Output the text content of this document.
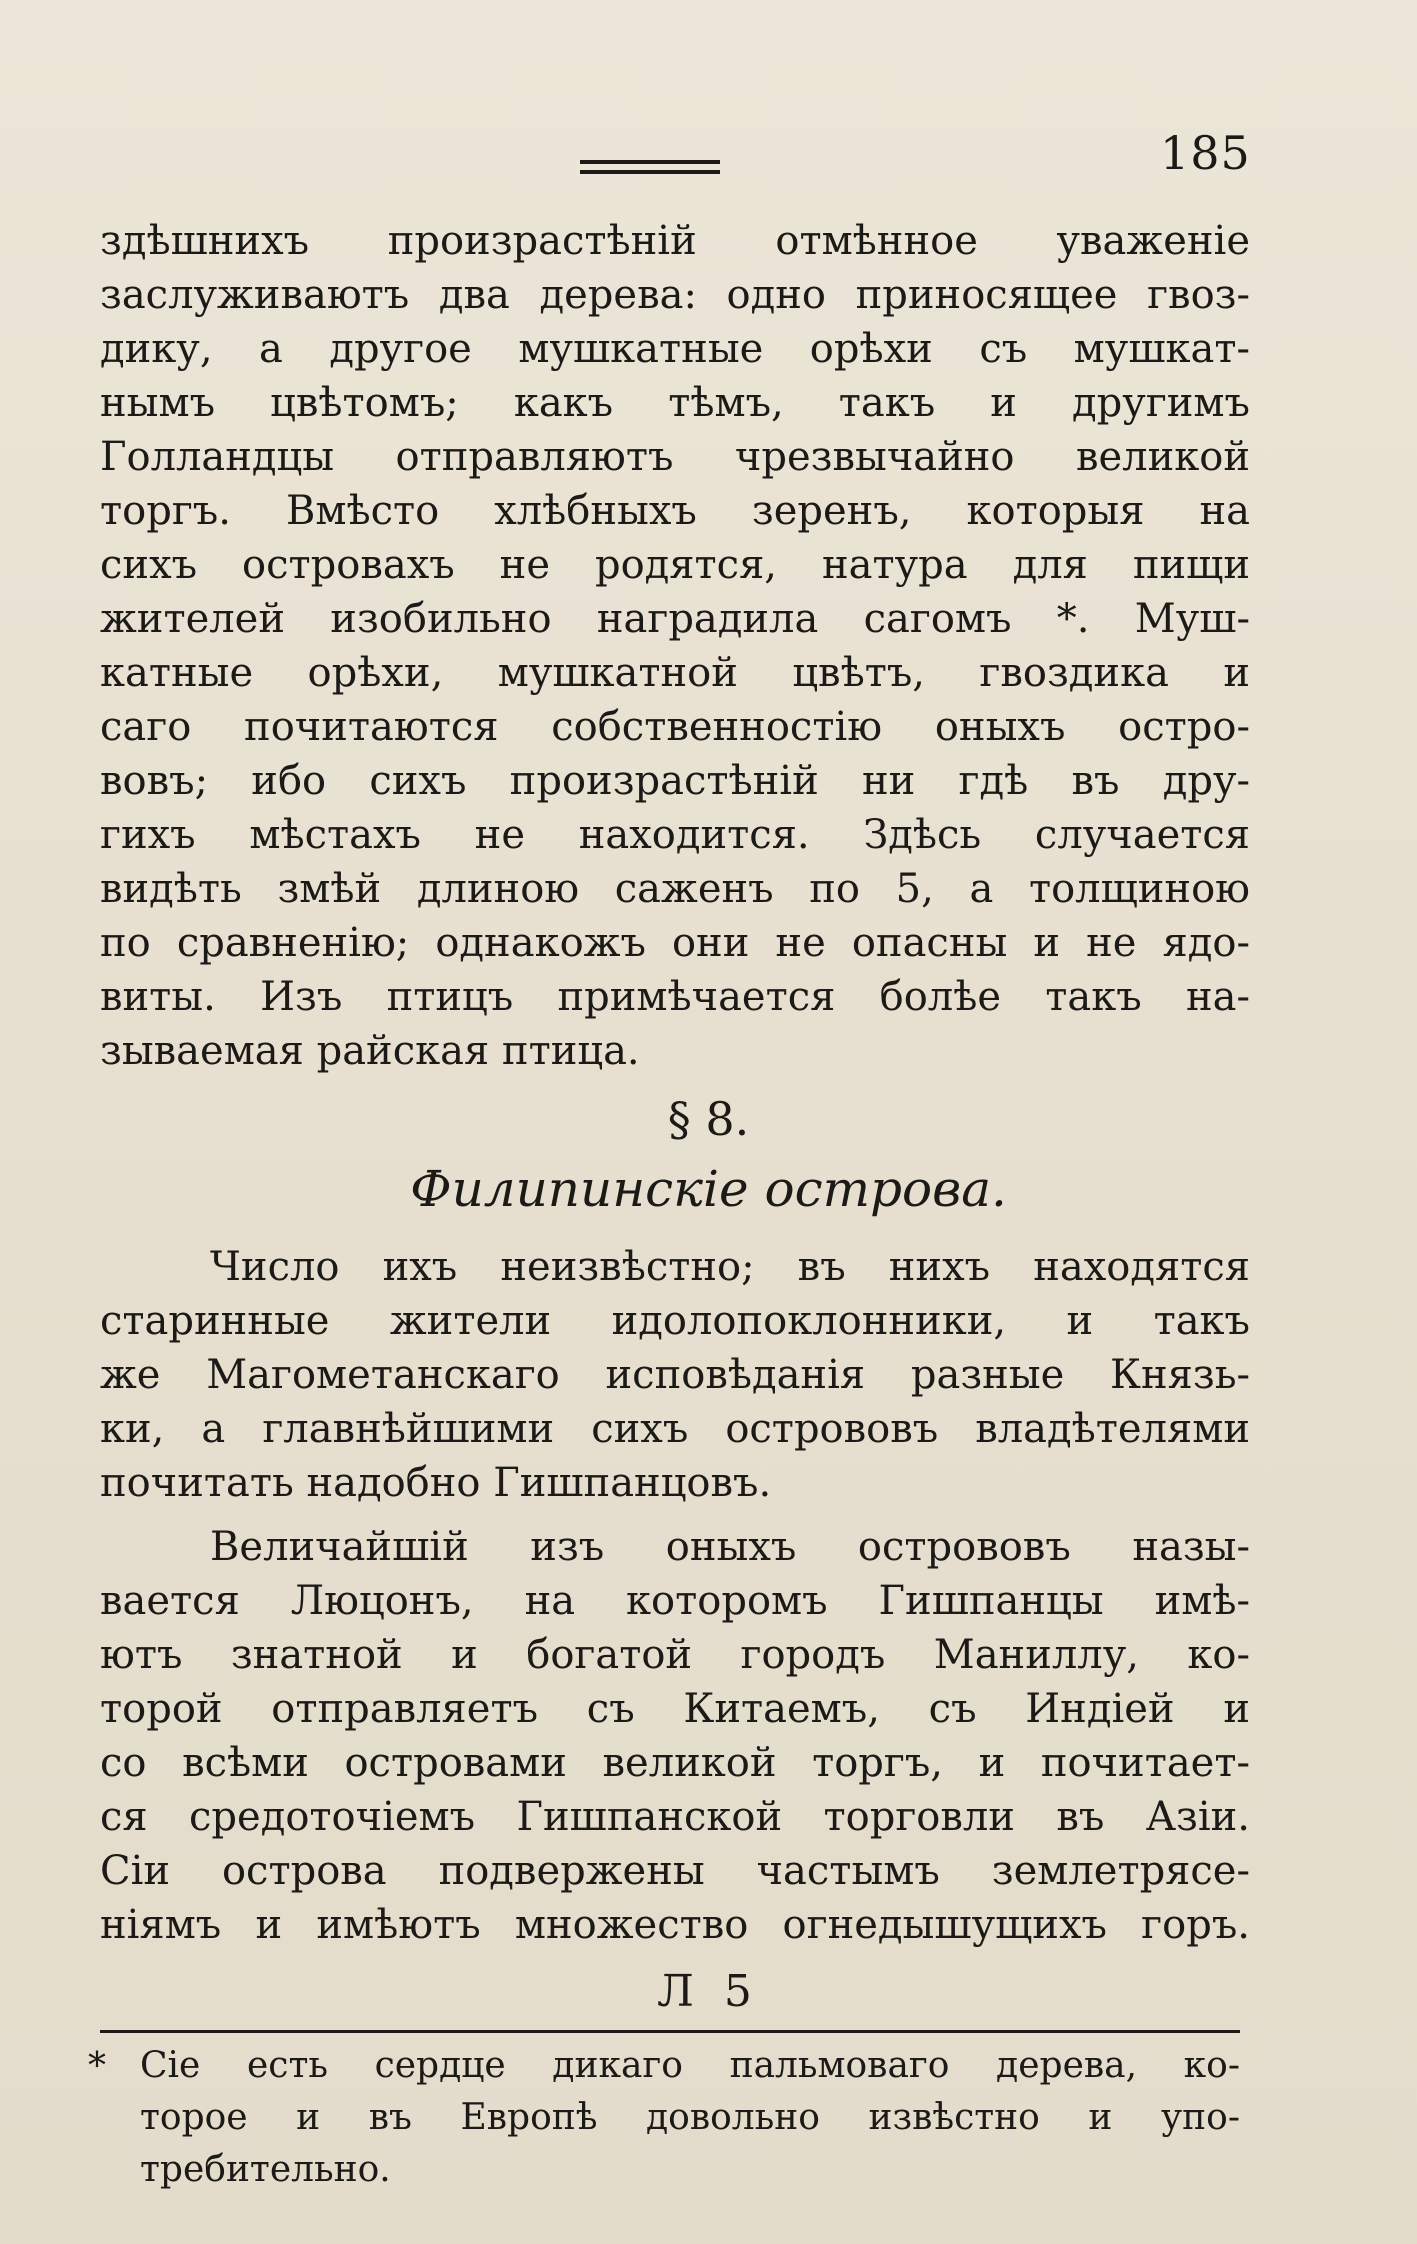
185
здѣшнихъ произрастѣній отмѣнное уваженіе
заслуживаютъ два дерева: одно приносящее гвоз-
дику, а другое мушкатные орѣхи съ мушкат-
нымъ цвѣтомъ; какъ тѣмъ, такъ и другимъ
Голландцы отправляютъ чрезвычайно великой
торгъ. Вмѣсто хлѣбныхъ зеренъ, которыя на
сихъ островахъ не родятся, натура для пищи
жителей изобильно наградила сагомъ *. Муш-
катные орѣхи, мушкатной цвѣтъ, гвоздика и
саго почитаются собственностію оныхъ остро-
вовъ; ибо сихъ произрастѣній ни гдѣ въ дру-
гихъ мѣстахъ не находится. Здѣсь случается
видѣть змѣй длиною саженъ по 5, а толщиною
по сравненію; однакожъ они не опасны и не ядо-
виты. Изъ птицъ примѣчается болѣе такъ на-
зываемая райская птица.
§ 8.
Филипинскіе острова.
Число ихъ неизвѣстно; въ нихъ находятся
старинные жители идолопоклонники, и такъ
же Магометанскаго исповѣданія разные Князь-
ки, а главнѣйшими сихъ острововъ владѣтелями
почитать надобно Гишпанцовъ.
Величайшій изъ оныхъ острововъ назы-
вается Люцонъ, на которомъ Гишпанцы имѣ-
ютъ знатной и богатой городъ Маниллу, ко-
торой отправляетъ съ Китаемъ, съ Индіей и
со всѣми островами великой торгъ, и почитает-
ся средоточіемъ Гишпанской торговли въ Азіи.
Сіи острова подвержены частымъ землетрясе-
ніямъ и имѣютъ множество огнедышущихъ горъ.
Л 5
* Сіе есть сердце дикаго пальмоваго дерева, ко-
торое и въ Европѣ довольно извѣстно и упо-
требительно.
